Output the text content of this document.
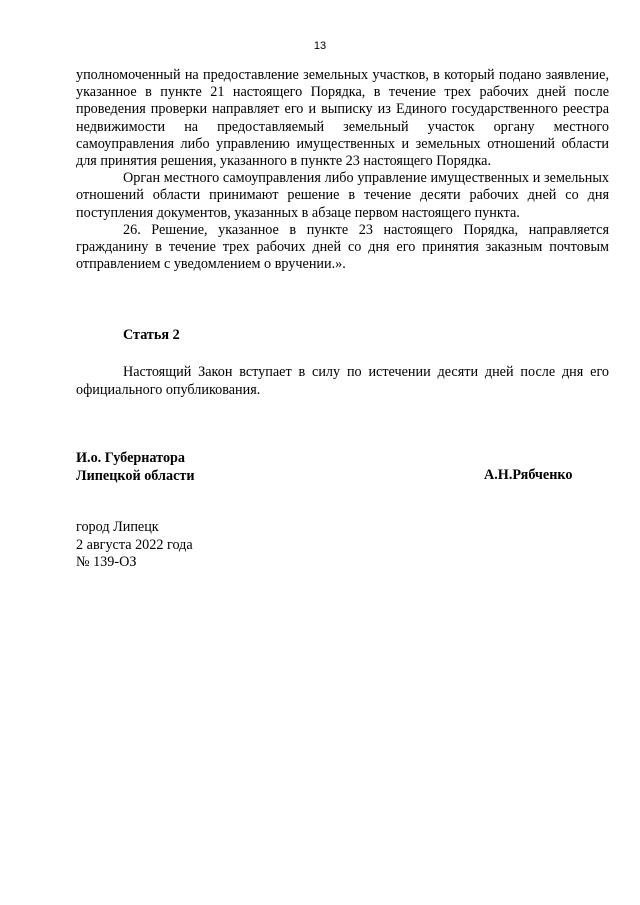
13

уполномоченный на предоставление земельных участков, в который подано заявление, указанное в пункте 21 настоящего Порядка, в течение трех рабочих дней после проведения проверки направляет его и выписку из Единого государственного реестра недвижимости на предоставляемый земельный участок органу местного самоуправления либо управлению имущественных и земельных отношений области для принятия решения, указанного в пункте 23 настоящего Порядка.

Орган местного самоуправления либо управление имущественных и земельных отношений области принимают решение в течение десяти рабочих дней со дня поступления документов, указанных в абзаце первом настоящего пункта.

26. Решение, указанное в пункте 23 настоящего Порядка, направляется гражданину в течение трех рабочих дней со дня его принятия заказным почтовым отправлением с уведомлением о вручении.».

Статья 2

Настоящий Закон вступает в силу по истечении десяти дней после дня его официального опубликования.

И.о. Губернатора
Липецкой области	А.Н.Рябченко
город Липецк
2 августа 2022 года
№ 139-ОЗ
